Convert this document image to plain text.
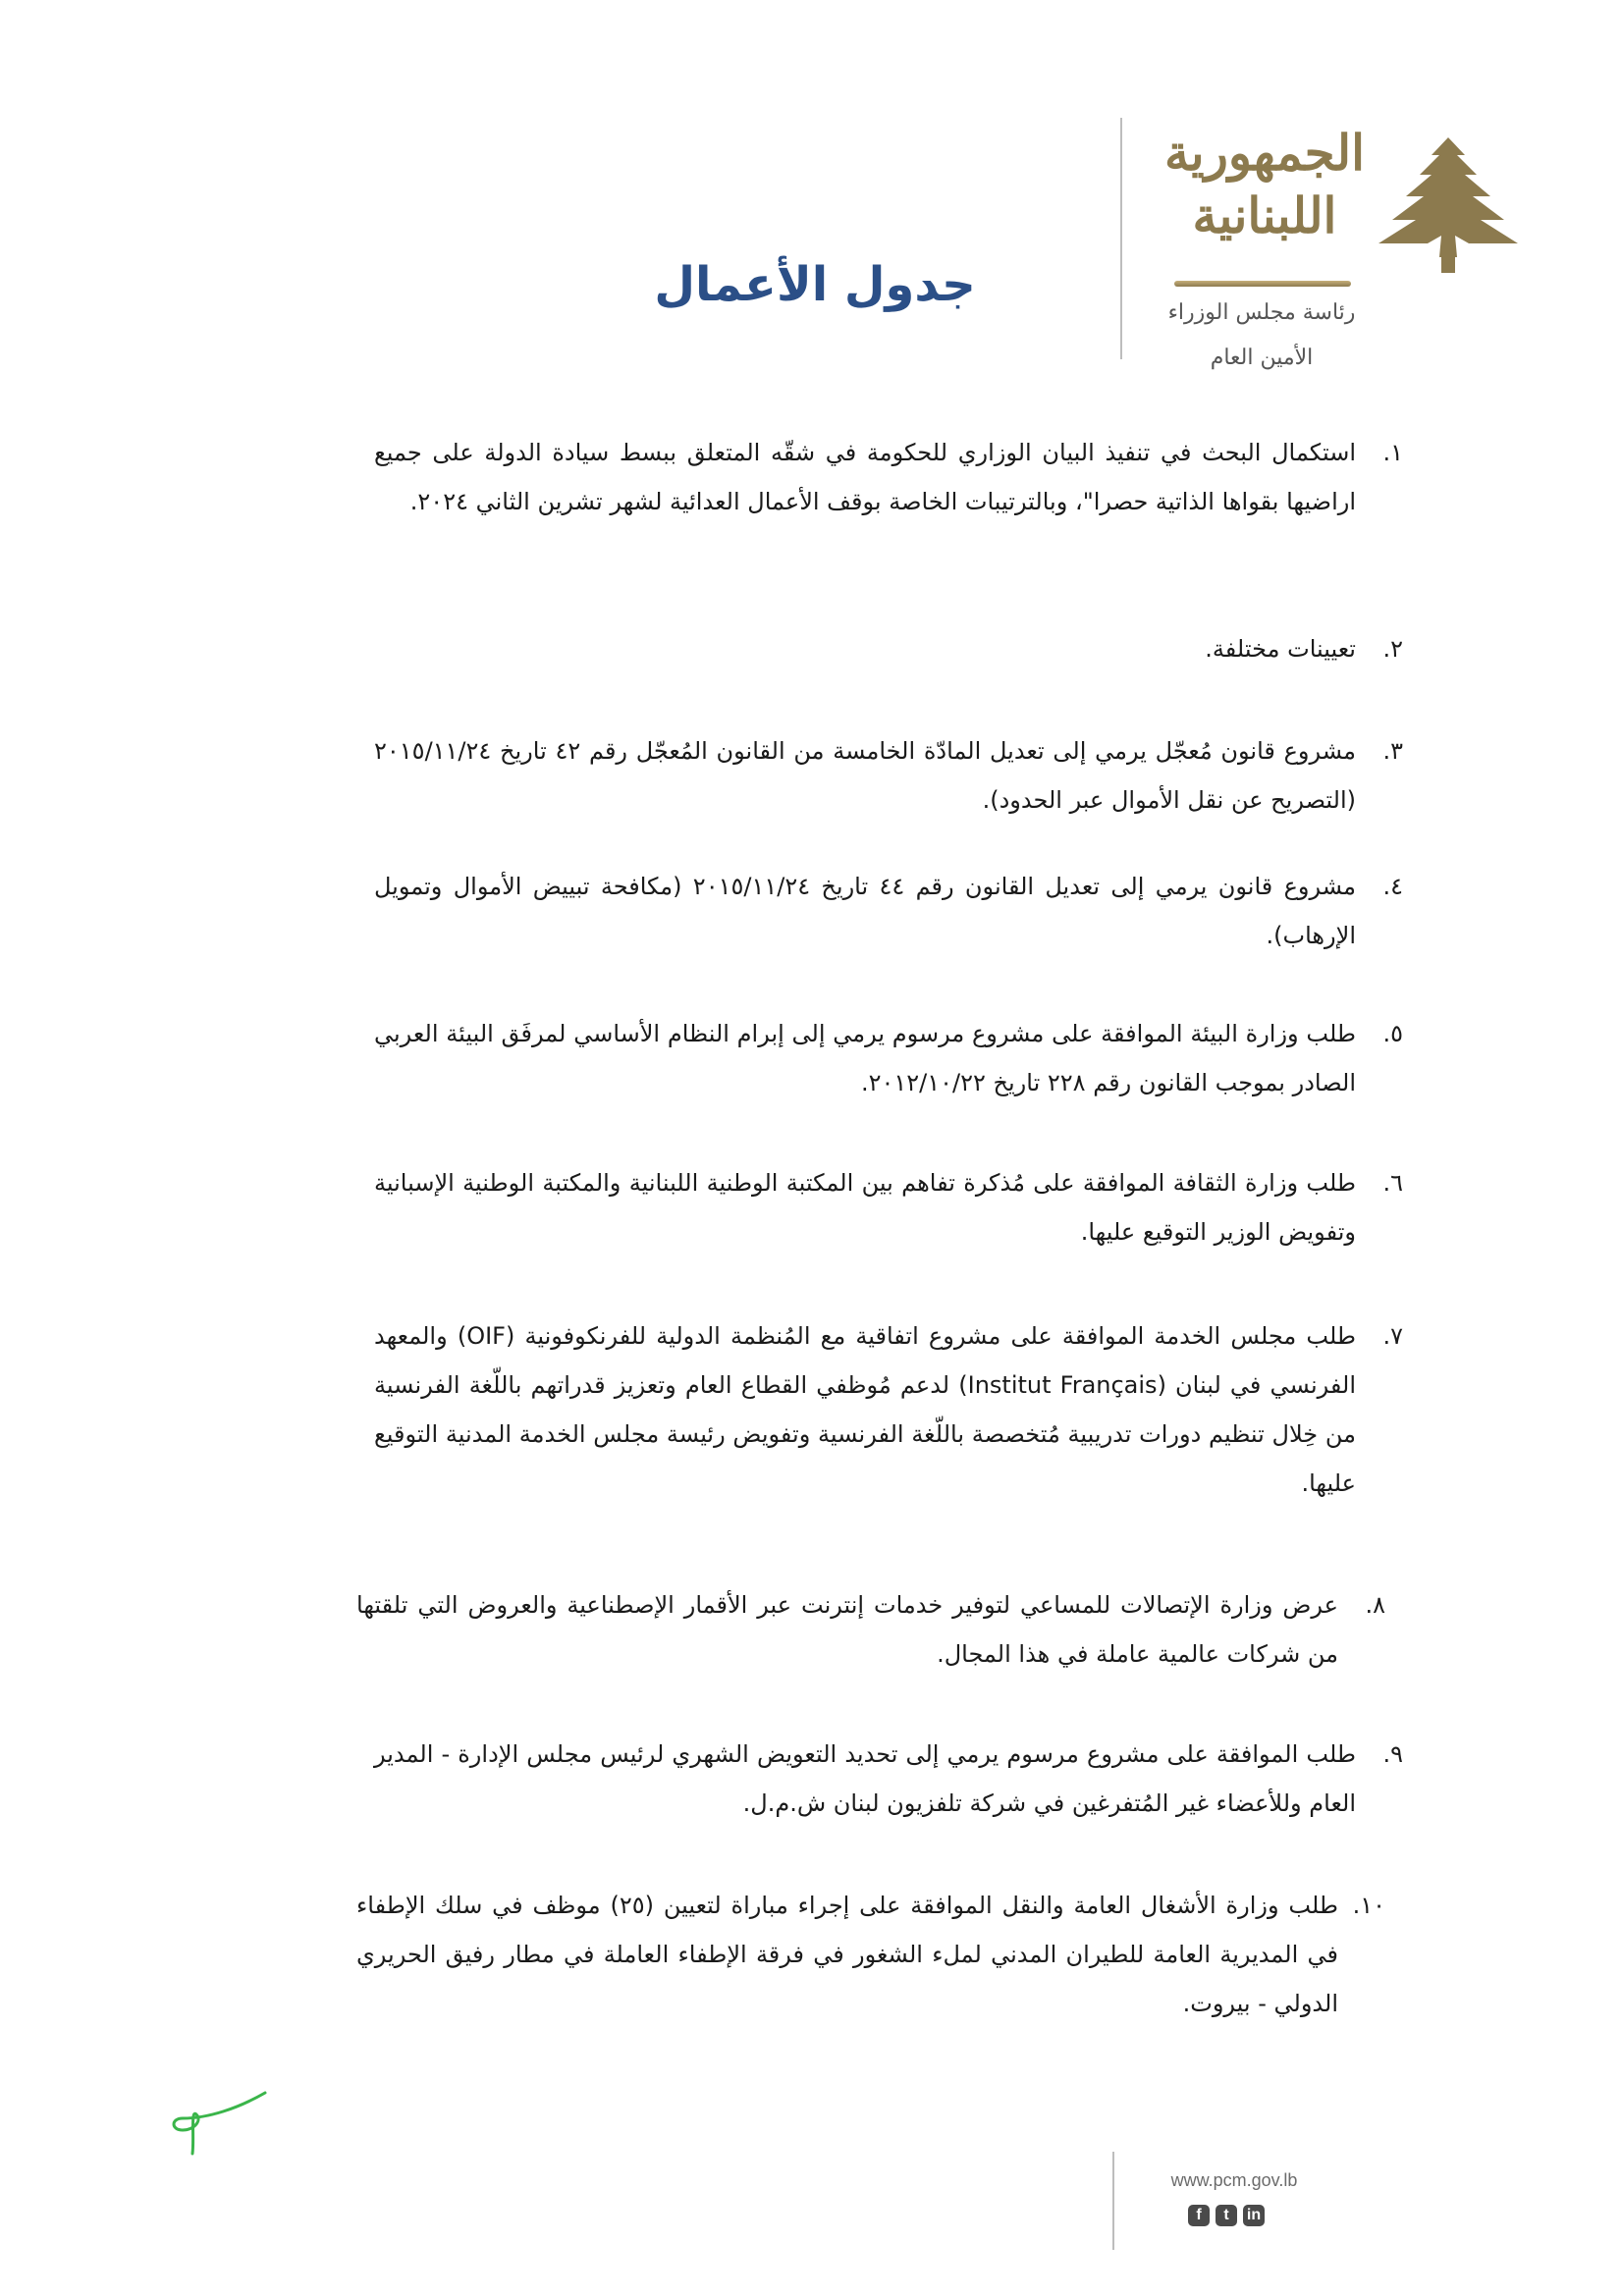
الجمهورية
اللبنانية
رئاسة مجلس الوزراء
الأمين العام
جدول الأعمال
١.
استكمال البحث في تنفيذ البيان الوزاري للحكومة في شقّه المتعلق ببسط سيادة الدولة على جميع اراضيها بقواها الذاتية حصرا"، وبالترتيبات الخاصة بوقف الأعمال العدائية لشهر تشرين الثاني ٢٠٢٤.
٢.
تعيينات مختلفة.
٣.
مشروع قانون مُعجّل يرمي إلى تعديل المادّة الخامسة من القانون المُعجّل رقم ٤٢ تاريخ ٢٠١٥/١١/٢٤ (التصريح عن نقل الأموال عبر الحدود).
٤.
مشروع قانون يرمي إلى تعديل القانون رقم ٤٤ تاريخ ٢٠١٥/١١/٢٤ (مكافحة تبييض الأموال وتمويل الإرهاب).
٥.
طلب وزارة البيئة الموافقة على مشروع مرسوم يرمي إلى إبرام النظام الأساسي لمرفَق البيئة العربي الصادر بموجب القانون رقم ٢٢٨ تاريخ ٢٠١٢/١٠/٢٢.
٦.
طلب وزارة الثقافة الموافقة على مُذكرة تفاهم بين المكتبة الوطنية اللبنانية والمكتبة الوطنية الإسبانية وتفويض الوزير التوقيع عليها.
٧.
طلب مجلس الخدمة الموافقة على مشروع اتفاقية مع المُنظمة الدولية للفرنكوفونية (OIF) والمعهد الفرنسي في لبنان (Institut Français) لدعم مُوظفي القطاع العام وتعزيز قدراتهم باللّغة الفرنسية من خِلال تنظيم دورات تدريبية مُتخصصة باللّغة الفرنسية وتفويض رئيسة مجلس الخدمة المدنية التوقيع عليها.
٨.
عرض وزارة الإتصالات للمساعي لتوفير خدمات إنترنت عبر الأقمار الإصطناعية والعروض التي تلقتها من شركات عالمية عاملة في هذا المجال.
٩.
طلب الموافقة على مشروع مرسوم يرمي إلى تحديد التعويض الشهري لرئيس مجلس الإدارة - المدير العام وللأعضاء غير المُتفرغين في شركة تلفزيون لبنان ش.م.ل.
١٠.
طلب وزارة الأشغال العامة والنقل الموافقة على إجراء مباراة لتعيين (٢٥) موظف في سلك الإطفاء في المديرية العامة للطيران المدني لملء الشغور في فرقة الإطفاء العاملة في مطار رفيق الحريري الدولي - بيروت.
www.pcm.gov.lb
f	t	in
